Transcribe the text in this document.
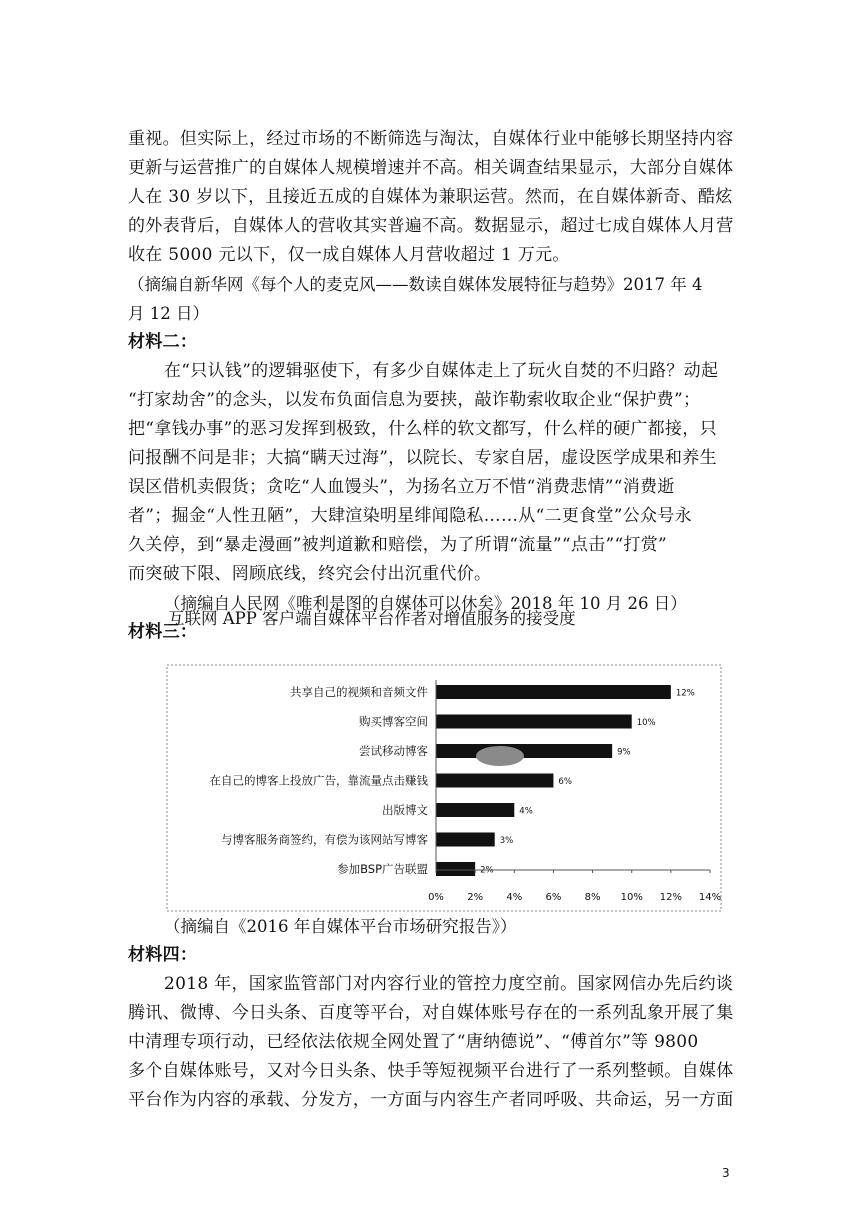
重视。但实际上，经过市场的不断筛选与淘汰，自媒体行业中能够长期坚持内容

更新与运营推广的自媒体人规模增速并不高。相关调查结果显示，大部分自媒体

人在 30 岁以下，且接近五成的自媒体为兼职运营。然而，在自媒体新奇、酷炫

的外表背后，自媒体人的营收其实普遍不高。数据显示，超过七成自媒体人月营

收在 5000 元以下，仅一成自媒体人月营收超过 1 万元。

（摘编自新华网《每个人的麦克风——数读自媒体发展特征与趋势》2017 年 4

月 12 日）

材料二：

在“只认钱”的逻辑驱使下，有多少自媒体走上了玩火自焚的不归路？动起

“打家劫舍”的念头，以发布负面信息为要挟，敲诈勒索收取企业“保护费”；

把“拿钱办事”的恶习发挥到极致，什么样的软文都写，什么样的硬广都接，只

问报酬不问是非；大搞“瞒天过海”，以院长、专家自居，虚设医学成果和养生

误区借机卖假货；贪吃“人血馒头”，为扬名立万不惜“消费悲情”“消费逝

者”；掘金“人性丑陋”，大肆渲染明星绯闻隐私……从“二更食堂”公众号永

久关停，到“暴走漫画”被判道歉和赔偿，为了所谓“流量”“点击”“打赏”

而突破下限、罔顾底线，终究会付出沉重代价。

（摘编自人民网《唯利是图的自媒体可以休矣》2018 年 10 月 26 日）

材料三：

互联网 APP 客户端自媒体平台作者对增值服务的接受度

共享自己的视频和音频文件	12%
购买博客空间	10%
尝试移动博客	9%
在自己的博客上投放广告，靠流量点击赚钱	6%
出版博文	4%
与博客服务商签约，有偿为该网站写博客	3%
参加BSP广告联盟	2%
0% 2% 4% 6% 8% 10% 12% 14%

（摘编自《2016 年自媒体平台市场研究报告》）

材料四：

2018 年，国家监管部门对内容行业的管控力度空前。国家网信办先后约谈

腾讯、微博、今日头条、百度等平台，对自媒体账号存在的一系列乱象开展了集

中清理专项行动，已经依法依规全网处置了“唐纳德说”、“傅首尔”等 9800

多个自媒体账号，又对今日头条、快手等短视频平台进行了一系列整顿。自媒体

平台作为内容的承载、分发方，一方面与内容生产者同呼吸、共命运，另一方面

3
